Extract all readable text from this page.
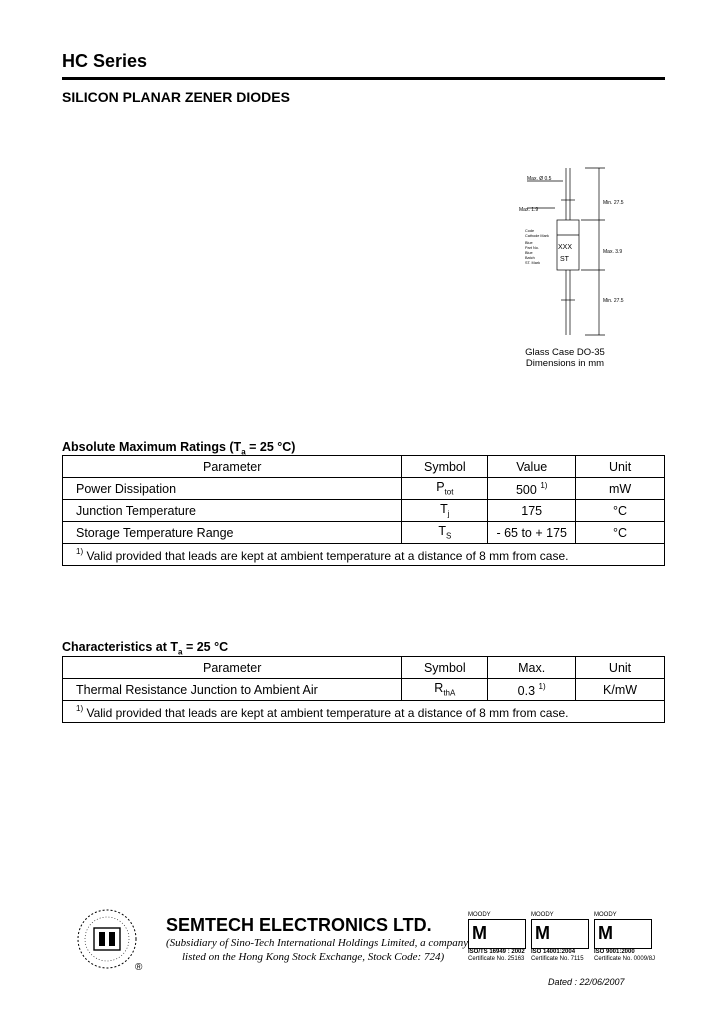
HC Series
SILICON PLANAR ZENER DIODES
Max. Ø 0.5
Max. 1.9
Min. 27.5
Max. 3.9
Min. 27.5
XXX
ST
Code
Cathode Mark
Blue
Part No.
Blue
Batch
ST. Mark
Glass Case DO-35
Dimensions in mm
Absolute Maximum Ratings ($T_a = 25$ °C)
Parameter	Symbol	Value	Unit
Power Dissipation	$P_{tot}$	500 $^{1)}$	mW
Junction Temperature	$T_j$	175	°C
Storage Temperature Range	$T_S$	- 65 to + 175	°C
$^{1)}$ Valid provided that leads are kept at ambient temperature at a distance of 8 mm from case.			
Characteristics at $T_a = 25$ °C
Parameter	Symbol	Max.	Unit
Thermal Resistance Junction to Ambient Air	$R_{thA}$	0.3 $^{1)}$	K/mW
$^{1)}$ Valid provided that leads are kept at ambient temperature at a distance of 8 mm from case.			
®
SEMTECH ELECTRONICS LTD.
(Subsidiary of Sino-Tech International Holdings Limited, a company
listed on the Hong Kong Stock Exchange, Stock Code: 724)
MOODY
M
ISO/TS 16949 : 2002
Certificate No. 25163
MOODY
M
ISO 14001:2004
Certificate No. 7115
MOODY
M
ISO 9001:2000
Certificate No. 0009/8J
Dated : 22/06/2007
